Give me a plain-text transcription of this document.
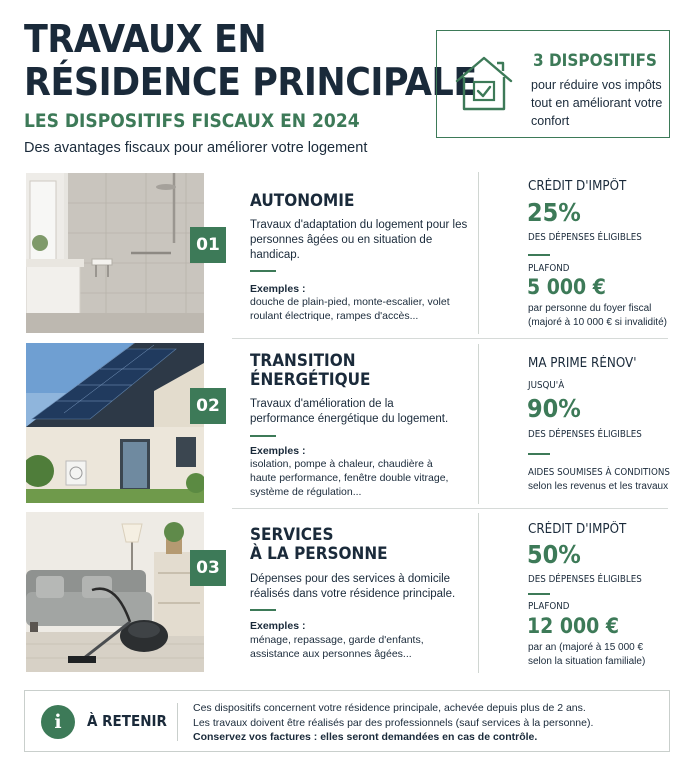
TRAVAUX EN
RÉSIDENCE PRINCIPALE
LES DISPOSITIFS FISCAUX EN 2024
Des avantages fiscaux pour améliorer votre logement
3 DISPOSITIFS
pour réduire vos impôts tout en améliorant votre confort
01
AUTONOMIE
Travaux d'adaptation du logement pour les personnes âgées ou en situation de handicap.
Exemples :
douche de plain-pied, monte-escalier, volet roulant électrique, rampes d'accès...
CRÉDIT D'IMPÔT
25%
DES DÉPENSES ÉLIGIBLES
PLAFOND
5 000 €
par personne du foyer fiscal
(majoré à 10 000 € si invalidité)
02
TRANSITION
ÉNERGÉTIQUE
Travaux d'amélioration de la performance énergétique du logement.
Exemples :
isolation, pompe à chaleur, chaudière à haute performance, fenêtre double vitrage, système de régulation...
MA PRIME RÉNOV'
JUSQU'À
90%
DES DÉPENSES ÉLIGIBLES
AIDES SOUMISES À CONDITIONS
selon les revenus et les travaux
03
SERVICES
À LA PERSONNE
Dépenses pour des services à domicile réalisés dans votre résidence principale.
Exemples :
ménage, repassage, garde d'enfants, assistance aux personnes âgées...
CRÉDIT D'IMPÔT
50%
DES DÉPENSES ÉLIGIBLES
PLAFOND
12 000 €
par an (majoré à 15 000 €
selon la situation familiale)
i	À RETENIR
Ces dispositifs concernent votre résidence principale, achevée depuis plus de 2 ans.
Les travaux doivent être réalisés par des professionnels (sauf services à la personne).
Conservez vos factures : elles seront demandées en cas de contrôle.
